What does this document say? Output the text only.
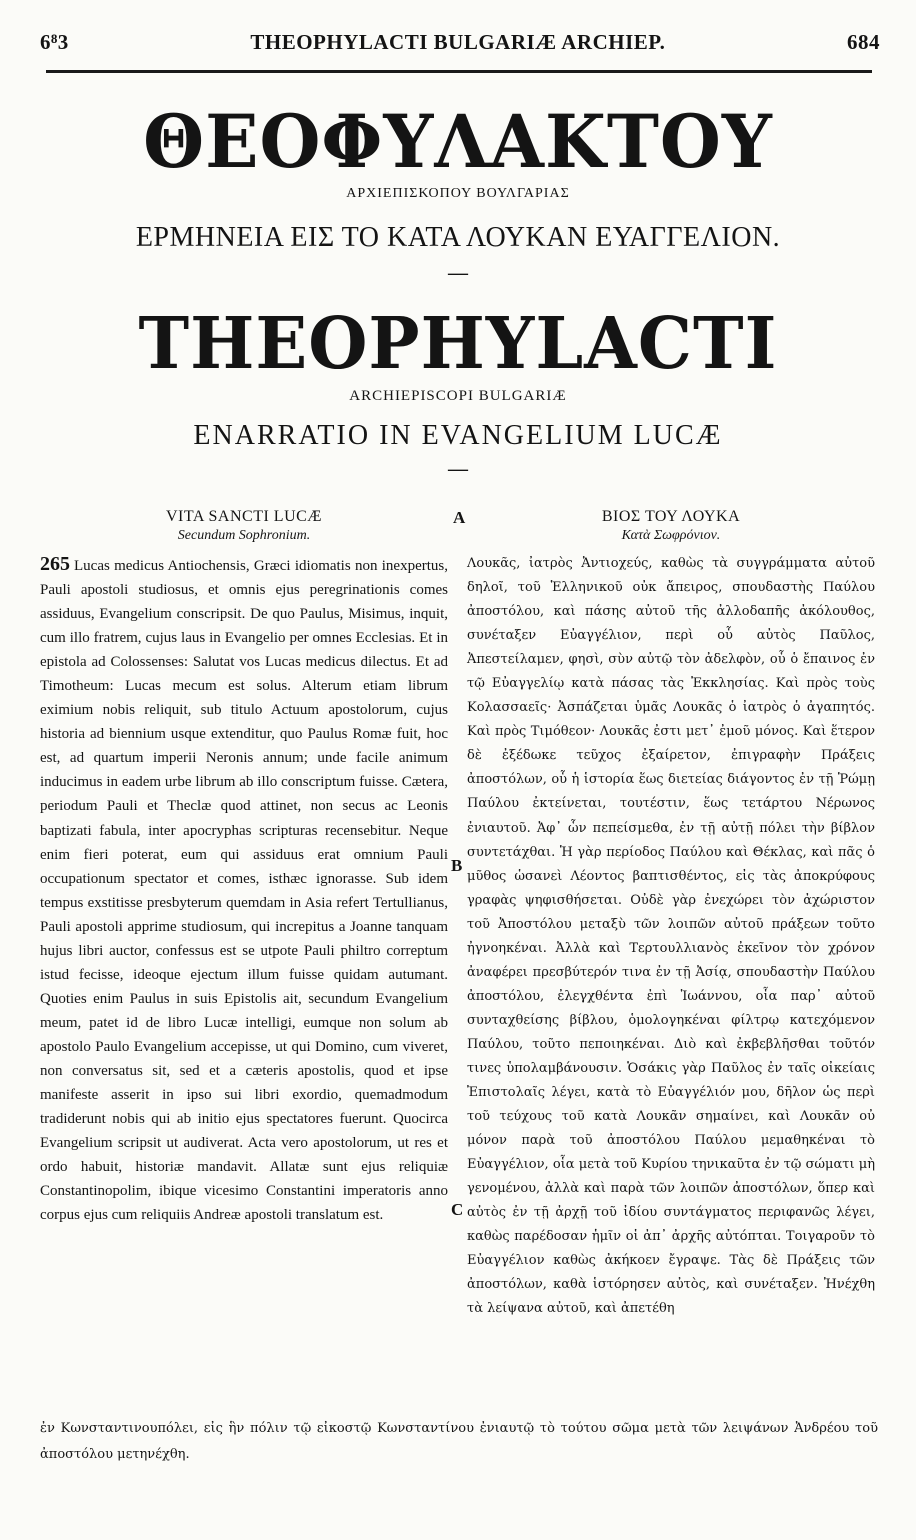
6⁸3	THEOPHYLACTI BULGARIÆ ARCHIEP.	684
ΘΕΟΦΥΛΑΚΤΟΥ
ΑΡΧΙΕΠΙΣΚΟΠΟΥ ΒΟΥΛΓΑΡΙΑΣ
ΕΡΜΗΝΕΙΑ ΕΙΣ ΤΟ ΚΑΤΑ ΛΟΥΚΑΝ ΕΥΑΓΓΕΛΙΟΝ.
—
THEOPHYLACTI
ARCHIEPISCOPI BULGARIÆ
ENARRATIO IN EVANGELIUM LUCÆ
—
A
B
C
VITA SANCTI LUCÆ
Secundum Sophronium.
265 Lucas medicus Antiochensis, Græci idiomatis non inexpertus, Pauli apostoli studiosus, et omnis ejus peregrinationis comes assiduus, Evangelium conscripsit. De quo Paulus, Misimus, inquit, cum illo fratrem, cujus laus in Evangelio per omnes Ecclesias. Et in epistola ad Colossenses: Salutat vos Lucas medicus dilectus. Et ad Timotheum: Lucas mecum est solus. Alterum etiam librum eximium nobis reliquit, sub titulo Actuum apostolorum, cujus historia ad biennium usque extenditur, quo Paulus Romæ fuit, hoc est, ad quartum imperii Neronis annum; unde facile animum inducimus in eadem urbe librum ab illo conscriptum fuisse. Cætera, periodum Pauli et Theclæ quod attinet, non secus ac Leonis baptizati fabula, inter apocryphas scripturas recensebitur. Neque enim fieri poterat, eum qui assiduus erat omnium Pauli occupationum spectator et comes, isthæc ignorasse. Sub idem tempus exstitisse presbyterum quemdam in Asia refert Tertullianus, Pauli apostoli apprime studiosum, qui increpitus a Joanne tanquam hujus libri auctor, confessus est se utpote Pauli philtro correptum istud fecisse, ideoque ejectum illum fuisse quidam autumant. Quoties enim Paulus in suis Epistolis ait, secundum Evangelium meum, patet id de libro Lucæ intelligi, eumque non solum ab apostolo Paulo Evangelium accepisse, ut qui Domino, cum viveret, non conversatus sit, sed et a cæteris apostolis, quod et ipse manifeste asserit in ipso sui libri exordio, quemadmodum tradiderunt nobis qui ab initio ejus spectatores fuerunt. Quocirca Evangelium scripsit ut audiverat. Acta vero apostolorum, ut res et ordo habuit, historiæ mandavit. Allatæ sunt ejus reliquiæ Constantinopolim, ibique vicesimo Constantini imperatoris anno corpus ejus cum reliquiis Andreæ apostoli translatum est.
ΒΙΟΣ ΤΟΥ ΛΟΥΚΑ
Κατὰ Σωφρόνιον.
Λουκᾶς, ἰατρὸς Ἀντιοχεύς, καθὼς τὰ συγγράμματα αὐτοῦ δηλοῖ, τοῦ Ἑλληνικοῦ οὐκ ἄπειρος, σπουδαστὴς Παύλου ἀποστόλου, καὶ πάσης αὐτοῦ τῆς ἀλλοδαπῆς ἀκόλουθος, συνέταξεν Εὐαγγέλιον, περὶ οὗ αὐτὸς Παῦλος, Ἀπεστείλαμεν, φησὶ, σὺν αὐτῷ τὸν ἀδελφὸν, οὗ ὁ ἔπαινος ἐν τῷ Εὐαγγελίῳ κατὰ πάσας τὰς Ἐκκλησίας. Καὶ πρὸς τοὺς Κολασσαεῖς· Ἀσπάζεται ὑμᾶς Λουκᾶς ὁ ἰατρὸς ὁ ἀγαπητός. Καὶ πρὸς Τιμόθεον· Λουκᾶς ἐστι μετ᾽ ἐμοῦ μόνος. Καὶ ἕτερον δὲ ἐξέδωκε τεῦχος ἐξαίρετον, ἐπιγραφὴν Πράξεις ἀποστόλων, οὗ ἡ ἱστορία ἕως διετείας διάγοντος ἐν τῇ Ῥώμῃ Παύλου ἐκτείνεται, τουτέστιν, ἕως τετάρτου Νέρωνος ἐνιαυτοῦ. Ἀφ᾽ ὧν πεπείσμεθα, ἐν τῇ αὐτῇ πόλει τὴν βίβλον συντετάχθαι. Ἡ γὰρ περίοδος Παύλου καὶ Θέκλας, καὶ πᾶς ὁ μῦθος ὡσανεὶ Λέοντος βαπτισθέντος, εἰς τὰς ἀποκρύφους γραφὰς ψηφισθήσεται. Οὐδὲ γὰρ ἐνεχώρει τὸν ἀχώριστον τοῦ Ἀποστόλου μεταξὺ τῶν λοιπῶν αὐτοῦ πράξεων τοῦτο ἠγνοηκέναι. Ἀλλὰ καὶ Τερτουλλιανὸς ἐκεῖνον τὸν χρόνον ἀναφέρει πρεσβύτερόν τινα ἐν τῇ Ἀσίᾳ, σπουδαστὴν Παύλου ἀποστόλου, ἐλεγχθέντα ἐπὶ Ἰωάννου, οἷα παρ᾽ αὐτοῦ συνταχθείσης βίβλου, ὁμολογηκέναι φίλτρῳ κατεχόμενον Παύλου, τοῦτο πεποιηκέναι. Διὸ καὶ ἐκβεβλῆσθαι τοῦτόν τινες ὑπολαμβάνουσιν. Ὁσάκις γὰρ Παῦλος ἐν ταῖς οἰκείαις Ἐπιστολαῖς λέγει, κατὰ τὸ Εὐαγγέλιόν μου, δῆλον ὡς περὶ τοῦ τεύχους τοῦ κατὰ Λουκᾶν σημαίνει, καὶ Λουκᾶν οὐ μόνον παρὰ τοῦ ἀποστόλου Παύλου μεμαθηκέναι τὸ Εὐαγγέλιον, οἷα μετὰ τοῦ Κυρίου τηνικαῦτα ἐν τῷ σώματι μὴ γενομένου, ἀλλὰ καὶ παρὰ τῶν λοιπῶν ἀποστόλων, ὅπερ καὶ αὐτὸς ἐν τῇ ἀρχῇ τοῦ ἰδίου συντάγματος περιφανῶς λέγει, καθὼς παρέδοσαν ἡμῖν οἱ ἀπ᾽ ἀρχῆς αὐτόπται. Τοιγαροῦν τὸ Εὐαγγέλιον καθὼς ἀκήκοεν ἔγραψε. Τὰς δὲ Πράξεις τῶν ἀποστόλων, καθὰ ἱστόρησεν αὐτὸς, καὶ συνέταξεν. Ἠνέχθη τὰ λείψανα αὐτοῦ, καὶ ἀπετέθη
ἐν Κωνσταντινουπόλει, εἰς ἣν πόλιν τῷ εἰκοστῷ Κωνσταντίνου ἐνιαυτῷ τὸ τούτου σῶμα μετὰ τῶν λειψάνων Ἀνδρέου τοῦ ἀποστόλου μετηνέχθη.
